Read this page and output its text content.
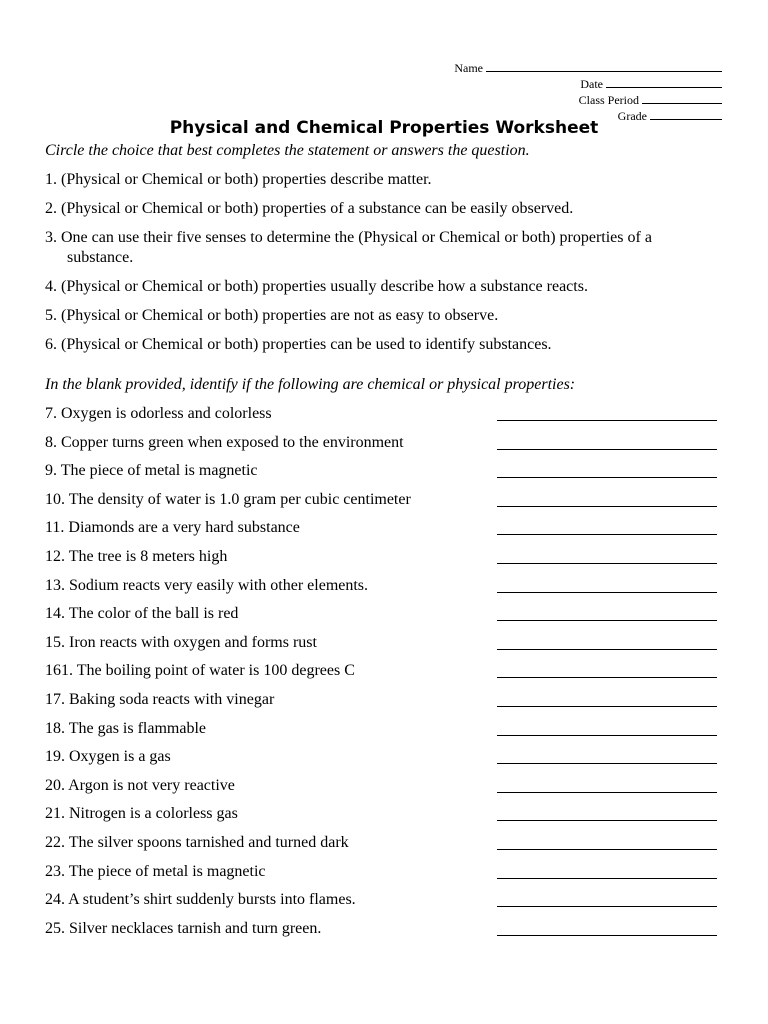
Name
Date
Class Period
Grade
Physical and Chemical Properties Worksheet
Circle the choice that best completes the statement or answers the question.
1. (Physical or Chemical or both) properties describe matter.
2. (Physical or Chemical or both) properties of a substance can be easily observed.
3. One can use their five senses to determine the (Physical or Chemical or both) properties of a
substance.
4. (Physical or Chemical or both) properties usually describe how a substance reacts.
5. (Physical or Chemical or both) properties are not as easy to observe.
6. (Physical or Chemical or both) properties can be used to identify substances.
In the blank provided, identify if the following are chemical or physical properties:
7. Oxygen is odorless and colorless
8. Copper turns green when exposed to the environment
9. The piece of metal is magnetic
10. The density of water is 1.0 gram per cubic centimeter
11. Diamonds are a very hard substance
12. The tree is 8 meters high
13. Sodium reacts very easily with other elements.
14. The color of the ball is red
15. Iron reacts with oxygen and forms rust
161. The boiling point of water is 100 degrees C
17. Baking soda reacts with vinegar
18. The gas is flammable
19. Oxygen is a gas
20. Argon is not very reactive
21. Nitrogen is a colorless gas
22. The silver spoons tarnished and turned dark
23. The piece of metal is magnetic
24. A student’s shirt suddenly bursts into flames.
25. Silver necklaces tarnish and turn green.
